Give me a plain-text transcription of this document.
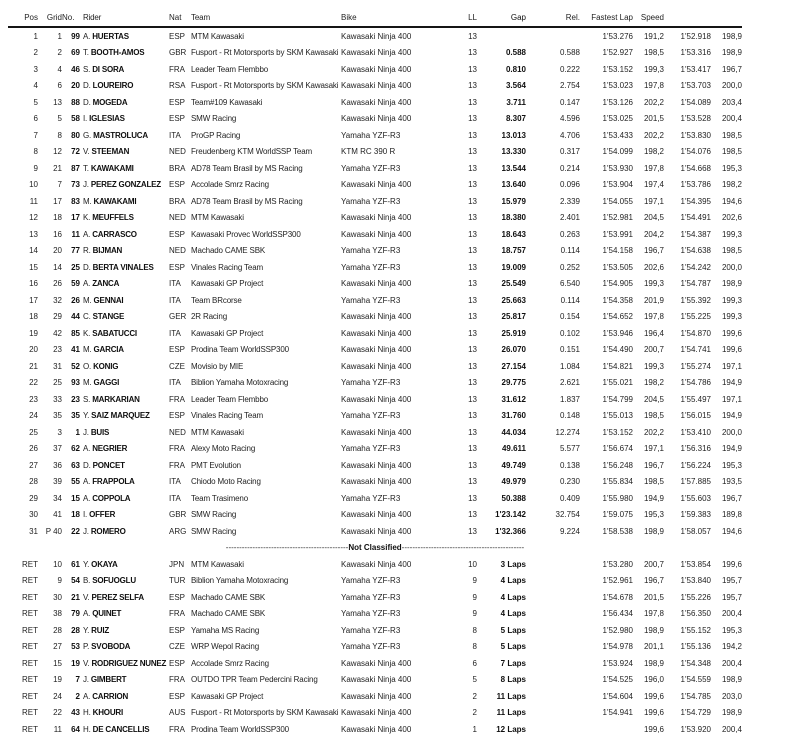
Pos	Grid	No.	Rider	Nat	Team	Bike	LL	Gap	Rel.	Fastest Lap	Speed		
1	1	99	A. HUERTAS	ESP	MTM Kawasaki	Kawasaki Ninja 400	13			1'53.276	191,2	1'52.918	198,9
2	2	69	T. BOOTH-AMOS	GBR	Fusport - Rt Motorsports by SKM Kawasaki	Kawasaki Ninja 400	13	0.588	0.588	1'52.927	198,5	1'53.316	198,9
3	4	46	S. DI SORA	FRA	Leader Team Flembbo	Kawasaki Ninja 400	13	0.810	0.222	1'53.152	199,3	1'53.417	196,7
4	6	20	D. LOUREIRO	RSA	Fusport - Rt Motorsports by SKM Kawasaki	Kawasaki Ninja 400	13	3.564	2.754	1'53.023	197,8	1'53.703	200,0
5	13	88	D. MOGEDA	ESP	Team#109 Kawasaki	Kawasaki Ninja 400	13	3.711	0.147	1'53.126	202,2	1'54.089	203,4
6	5	58	I. IGLESIAS	ESP	SMW Racing	Kawasaki Ninja 400	13	8.307	4.596	1'53.025	201,5	1'53.528	200,4
7	8	80	G. MASTROLUCA	ITA	ProGP Racing	Yamaha YZF-R3	13	13.013	4.706	1'53.433	202,2	1'53.830	198,5
8	12	72	V. STEEMAN	NED	Freudenberg KTM WorldSSP Team	KTM RC 390 R	13	13.330	0.317	1'54.099	198,2	1'54.076	198,5
9	21	87	T. KAWAKAMI	BRA	AD78 Team Brasil by MS Racing	Yamaha YZF-R3	13	13.544	0.214	1'53.930	197,8	1'54.668	195,3
10	7	73	J. PEREZ GONZALEZ	ESP	Accolade Smrz Racing	Kawasaki Ninja 400	13	13.640	0.096	1'53.904	197,4	1'53.786	198,2
11	17	83	M. KAWAKAMI	BRA	AD78 Team Brasil by MS Racing	Yamaha YZF-R3	13	15.979	2.339	1'54.055	197,1	1'54.395	194,6
12	18	17	K. MEUFFELS	NED	MTM Kawasaki	Kawasaki Ninja 400	13	18.380	2.401	1'52.981	204,5	1'54.491	202,6
13	16	11	A. CARRASCO	ESP	Kawasaki Provec WorldSSP300	Kawasaki Ninja 400	13	18.643	0.263	1'53.991	204,2	1'54.387	199,3
14	20	77	R. BIJMAN	NED	Machado CAME SBK	Yamaha YZF-R3	13	18.757	0.114	1'54.158	196,7	1'54.638	198,5
15	14	25	D. BERTA VINALES	ESP	Vinales Racing Team	Yamaha YZF-R3	13	19.009	0.252	1'53.505	202,6	1'54.242	200,0
16	26	59	A. ZANCA	ITA	Kawasaki GP Project	Kawasaki Ninja 400	13	25.549	6.540	1'54.905	199,3	1'54.787	198,9
17	32	26	M. GENNAI	ITA	Team BRcorse	Yamaha YZF-R3	13	25.663	0.114	1'54.358	201,9	1'55.392	199,3
18	29	44	C. STANGE	GER	2R Racing	Kawasaki Ninja 400	13	25.817	0.154	1'54.652	197,8	1'55.225	199,3
19	42	85	K. SABATUCCI	ITA	Kawasaki GP Project	Kawasaki Ninja 400	13	25.919	0.102	1'53.946	196,4	1'54.870	199,6
20	23	41	M. GARCIA	ESP	Prodina Team WorldSSP300	Kawasaki Ninja 400	13	26.070	0.151	1'54.490	200,7	1'54.741	199,6
21	31	52	O. KONIG	CZE	Movisio by MIE	Kawasaki Ninja 400	13	27.154	1.084	1'54.821	199,3	1'55.274	197,1
22	25	93	M. GAGGI	ITA	Biblion Yamaha Motoxracing	Yamaha YZF-R3	13	29.775	2.621	1'55.021	198,2	1'54.786	194,9
23	33	23	S. MARKARIAN	FRA	Leader Team Flembbo	Kawasaki Ninja 400	13	31.612	1.837	1'54.799	204,5	1'55.497	197,1
24	35	35	Y. SAIZ MARQUEZ	ESP	Vinales Racing Team	Yamaha YZF-R3	13	31.760	0.148	1'55.013	198,5	1'56.015	194,9
25	3	1	J. BUIS	NED	MTM Kawasaki	Kawasaki Ninja 400	13	44.034	12.274	1'53.152	202,2	1'53.410	200,0
26	37	62	A. NEGRIER	FRA	Alexy Moto Racing	Yamaha YZF-R3	13	49.611	5.577	1'56.674	197,1	1'56.316	194,9
27	36	63	D. PONCET	FRA	PMT Evolution	Kawasaki Ninja 400	13	49.749	0.138	1'56.248	196,7	1'56.224	195,3
28	39	55	A. FRAPPOLA	ITA	Chiodo Moto Racing	Kawasaki Ninja 400	13	49.979	0.230	1'55.834	198,5	1'57.885	193,5
29	34	15	A. COPPOLA	ITA	Team Trasimeno	Yamaha YZF-R3	13	50.388	0.409	1'55.980	194,9	1'55.603	196,7
30	41	18	I. OFFER	GBR	SMW Racing	Kawasaki Ninja 400	13	1'23.142	32.754	1'59.075	195,3	1'59.383	189,8
31	P 40	22	J. ROMERO	ARG	SMW Racing	Kawasaki Ninja 400	13	1'32.366	9.224	1'58.538	198,9	1'58.057	194,6
----------------------------------------------Not Classified----------------------------------------------													
RET	10	61	Y. OKAYA	JPN	MTM Kawasaki	Kawasaki Ninja 400	10	3 Laps		1'53.280	200,7	1'53.854	199,6
RET	9	54	B. SOFUOGLU	TUR	Biblion Yamaha Motoxracing	Yamaha YZF-R3	9	4 Laps		1'52.961	196,7	1'53.840	195,7
RET	30	21	V. PEREZ SELFA	ESP	Machado CAME SBK	Yamaha YZF-R3	9	4 Laps		1'54.678	201,5	1'55.226	195,7
RET	38	79	A. QUINET	FRA	Machado CAME SBK	Yamaha YZF-R3	9	4 Laps		1'56.434	197,8	1'56.350	200,4
RET	28	28	Y. RUIZ	ESP	Yamaha MS Racing	Yamaha YZF-R3	8	5 Laps		1'52.980	198,9	1'55.152	195,3
RET	27	53	P. SVOBODA	CZE	WRP Wepol Racing	Yamaha YZF-R3	8	5 Laps		1'54.978	201,1	1'55.136	194,2
RET	15	19	V. RODRIGUEZ NUNEZ	ESP	Accolade Smrz Racing	Kawasaki Ninja 400	6	7 Laps		1'53.924	198,9	1'54.348	200,4
RET	19	7	J. GIMBERT	FRA	OUTDO TPR Team Pedercini Racing	Kawasaki Ninja 400	5	8 Laps		1'54.525	196,0	1'54.559	198,9
RET	24	2	A. CARRION	ESP	Kawasaki GP Project	Kawasaki Ninja 400	2	11 Laps		1'54.604	199,6	1'54.785	203,0
RET	22	43	H. KHOURI	AUS	Fusport - Rt Motorsports by SKM Kawasaki	Kawasaki Ninja 400	2	11 Laps		1'54.941	199,6	1'54.729	198,9
RET	11	64	H. DE CANCELLIS	FRA	Prodina Team WorldSSP300	Kawasaki Ninja 400	1	12 Laps			199,6	1'53.920	200,4
